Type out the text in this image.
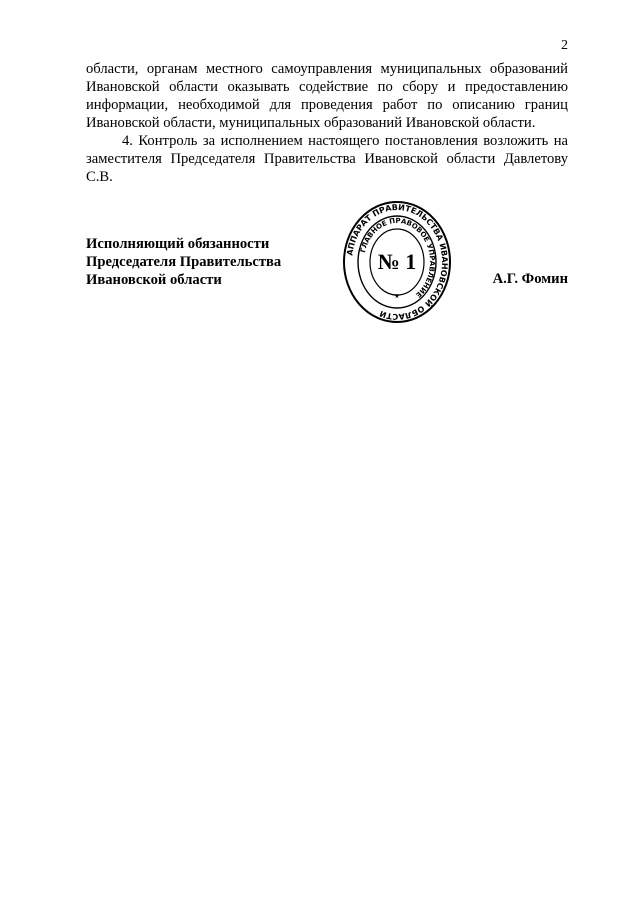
2

области, органам местного самоуправления муниципальных образований Ивановской области оказывать содействие по сбору и предоставлению информации, необходимой для проведения работ по описанию границ Ивановской области, муниципальных образований Ивановской области.

4. Контроль за исполнением настоящего постановления возложить на заместителя Председателя Правительства Ивановской области Давлетову С.В.

Исполняющий обязанности
Председателя Правительства
Ивановской области	А.Г. Фомин
АППАРАТ ПРАВИТЕЛЬСТВА ИВАНОВСКОЙ ОБЛАСТИ
ГЛАВНОЕ ПРАВОВОЕ УПРАВЛЕНИЕ
№ 1
★
